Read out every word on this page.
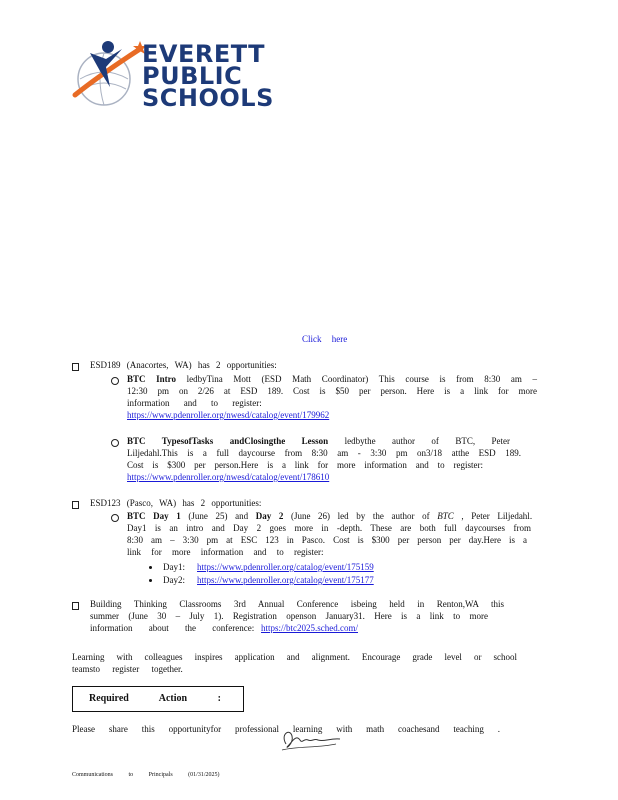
EVERETT
PUBLIC
SCHOOLS
Click here
ESD189 (Anacortes, WA) has 2 opportunities:
BTC Intro ledbyTina Mott (ESD Math Coordinator) This course is from 8:30 am –
12:30 pm on 2/26 at ESD 189. Cost is $50 per person. Here is a link for more
information and to register:
https://www.pdenroller.org/nwesd/catalog/event/179962
BTC TypesofTasks andClosingthe Lesson ledbythe author of BTC, Peter
Liljedahl.This is a full daycourse from 8:30 am - 3:30 pm on3/18 atthe ESD 189.
Cost is $300 per person.Here is a link for more information and to register:
https://www.pdenroller.org/nwesd/catalog/event/178610
ESD123 (Pasco, WA) has 2 opportunities:
BTC Day 1 (June 25) and Day 2 (June 26) led by the author of BTC , Peter Liljedahl.
Day1 is an intro and Day 2 goes more in -depth. These are both full daycourses from
8:30 am – 3:30 pm at ESC 123 in Pasco. Cost is $300 per person per day.Here is a
link for more information and to register:
Day1: https://www.pdenroller.org/catalog/event/175159
Day2: https://www.pdenroller.org/catalog/event/175177
Building Thinking Classrooms 3rd Annual Conference isbeing held in Renton,WA this
summer (June 30 – July 1). Registration openson January31. Here is a link to more
information about the conference: https://btc2025.sched.com/
Learning with colleagues inspires application and alignment. Encourage grade level or school
teamsto register together.
Required Action :
Please share this opportunityfor professional learning with math coachesand teaching .
Communications to Principals (01/31/2025)
